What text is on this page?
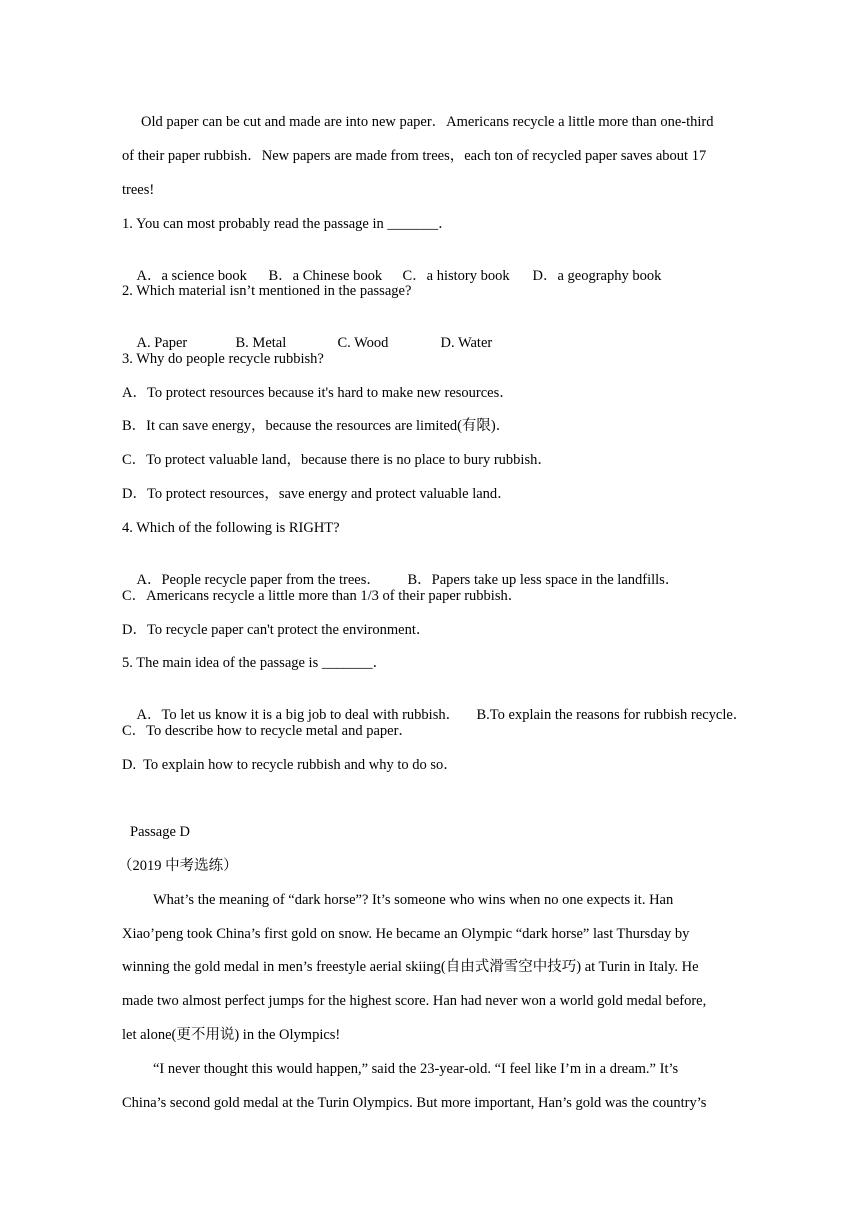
Old paper can be cut and made are into new paper．Americans recycle a little more than one-third
of their paper rubbish．New papers are made from trees，each ton of recycled paper saves about 17
trees!
1. You can most probably read the passage in _______．

A．a science book B．a Chinese book C．a history book D．a geography book

2. Which material isn’t mentioned in the passage?

A. Paper	B. Metal	C. Wood	D. Water

3. Why do people recycle rubbish?
A．To protect resources because it's hard to make new resources．
B．It can save energy，because the resources are limited(有限)．
C．To protect valuable land，because there is no place to bury rubbish．
D．To protect resources，save energy and protect valuable land．
4. Which of the following is RIGHT?

A．People recycle paper from the trees． B．Papers take up less space in the landfills．

C．Americans recycle a little more than 1/3 of their paper rubbish．
D．To recycle paper can't protect the environment．
5. The main idea of the passage is _______．

A．To let us know it is a big job to deal with rubbish． B.To explain the reasons for rubbish recycle．

C．To describe how to recycle metal and paper．
D.  To explain how to recycle rubbish and why to do so．
Passage D
（2019 中考选练）
What’s the meaning of “dark horse”? It’s someone who wins when no one expects it. Han
Xiao’peng took China’s first gold on snow. He became an Olympic “dark horse” last Thursday by
winning the gold medal in men’s freestyle aerial skiing(自由式滑雪空中技巧) at Turin in Italy. He
made two almost perfect jumps for the highest score. Han had never won a world gold medal before,
let alone(更不用说) in the Olympics!
“I never thought this would happen,” said the 23-year-old. “I feel like I’m in a dream.” It’s
China’s second gold medal at the Turin Olympics. But more important, Han’s gold was the country’s
